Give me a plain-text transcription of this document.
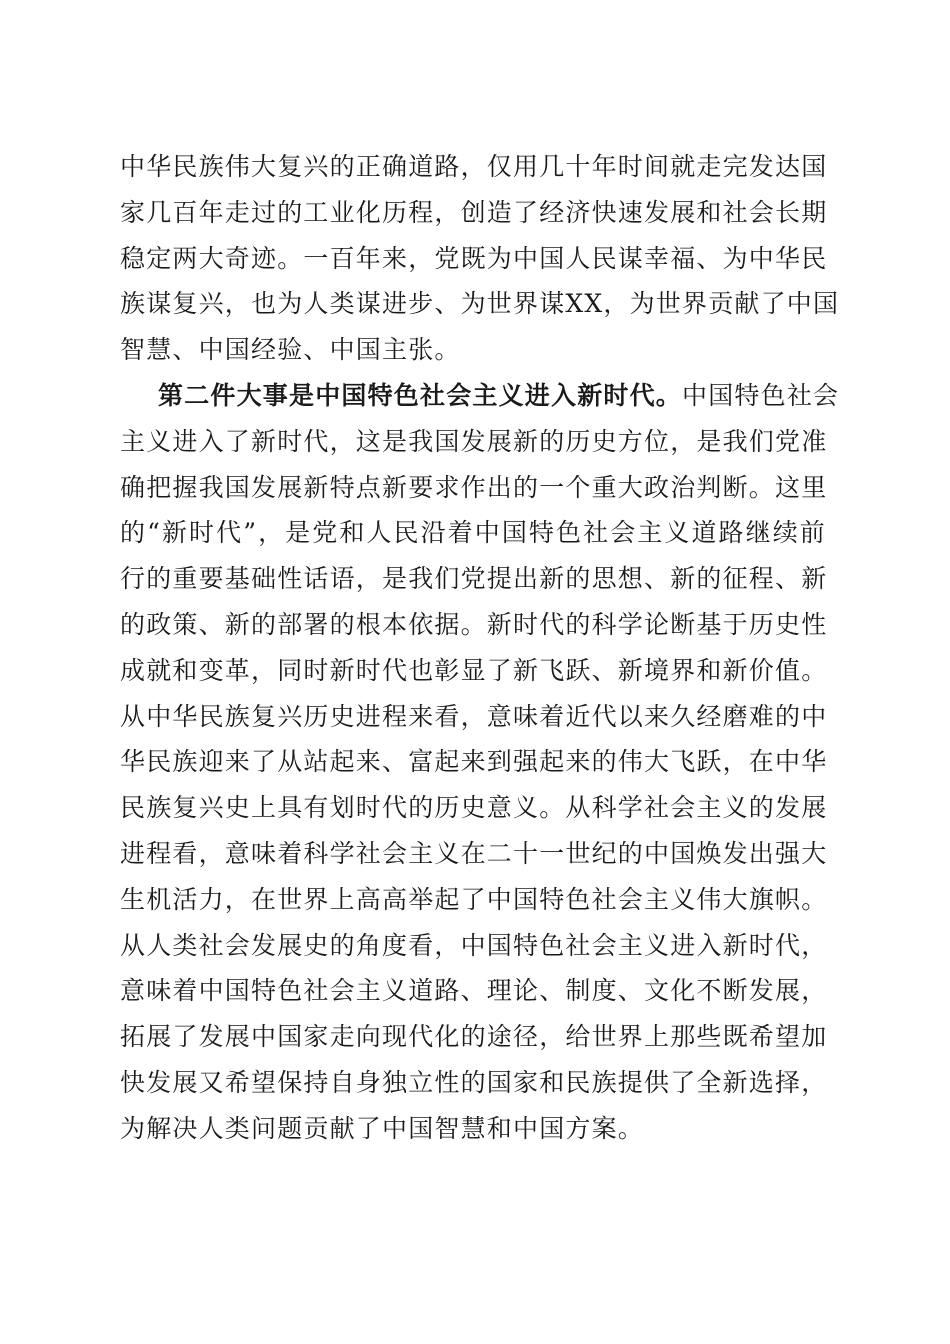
中华民族伟大复兴的正确道路，仅用几十年时间就走完发达国
家几百年走过的工业化历程，创造了经济快速发展和社会长期
稳定两大奇迹。一百年来，党既为中国人民谋幸福、为中华民
族谋复兴，也为人类谋进步、为世界谋XX，为世界贡献了中国
智慧、中国经验、中国主张。
第二件大事是中国特色社会主义进入新时代。中国特色社会
主义进入了新时代，这是我国发展新的历史方位，是我们党准
确把握我国发展新特点新要求作出的一个重大政治判断。这里
的“新时代”，是党和人民沿着中国特色社会主义道路继续前
行的重要基础性话语，是我们党提出新的思想、新的征程、新
的政策、新的部署的根本依据。新时代的科学论断基于历史性
成就和变革，同时新时代也彰显了新飞跃、新境界和新价值。
从中华民族复兴历史进程来看，意味着近代以来久经磨难的中
华民族迎来了从站起来、富起来到强起来的伟大飞跃，在中华
民族复兴史上具有划时代的历史意义。从科学社会主义的发展
进程看，意味着科学社会主义在二十一世纪的中国焕发出强大
生机活力，在世界上高高举起了中国特色社会主义伟大旗帜。
从人类社会发展史的角度看，中国特色社会主义进入新时代，
意味着中国特色社会主义道路、理论、制度、文化不断发展，
拓展了发展中国家走向现代化的途径，给世界上那些既希望加
快发展又希望保持自身独立性的国家和民族提供了全新选择，
为解决人类问题贡献了中国智慧和中国方案。
